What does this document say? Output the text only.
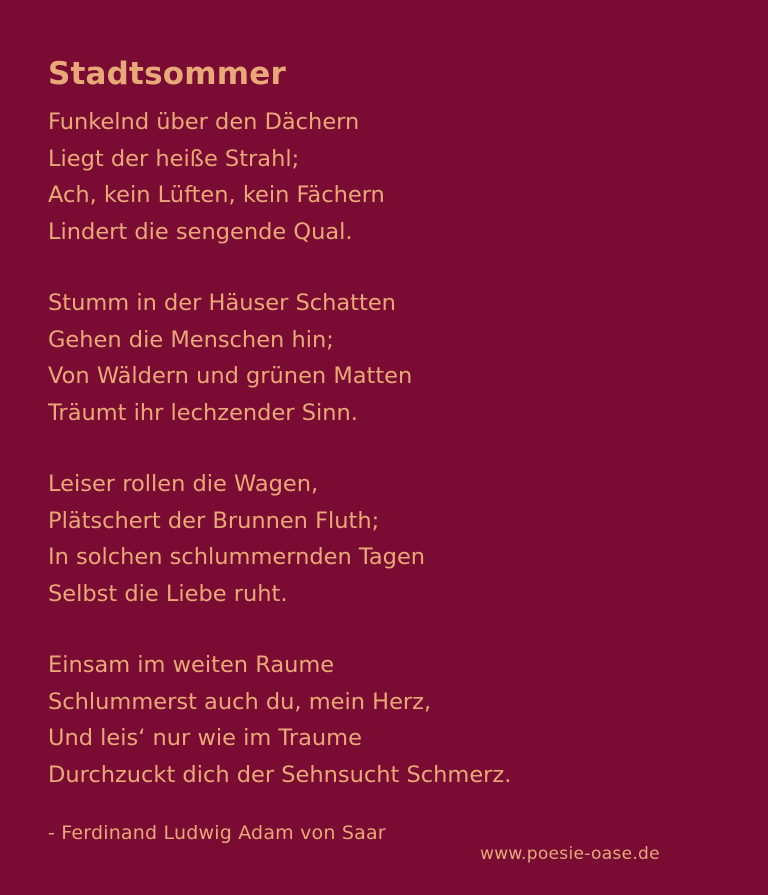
Stadtsommer
Funkelnd über den Dächern
Liegt der heiße Strahl;
Ach, kein Lüften, kein Fächern
Lindert die sengende Qual.
Stumm in der Häuser Schatten
Gehen die Menschen hin;
Von Wäldern und grünen Matten
Träumt ihr lechzender Sinn.
Leiser rollen die Wagen,
Plätschert der Brunnen Fluth;
In solchen schlummernden Tagen
Selbst die Liebe ruht.
Einsam im weiten Raume
Schlummerst auch du, mein Herz,
Und leis‘ nur wie im Traume
Durchzuckt dich der Sehnsucht Schmerz.
- Ferdinand Ludwig Adam von Saar
www.poesie-oase.de
